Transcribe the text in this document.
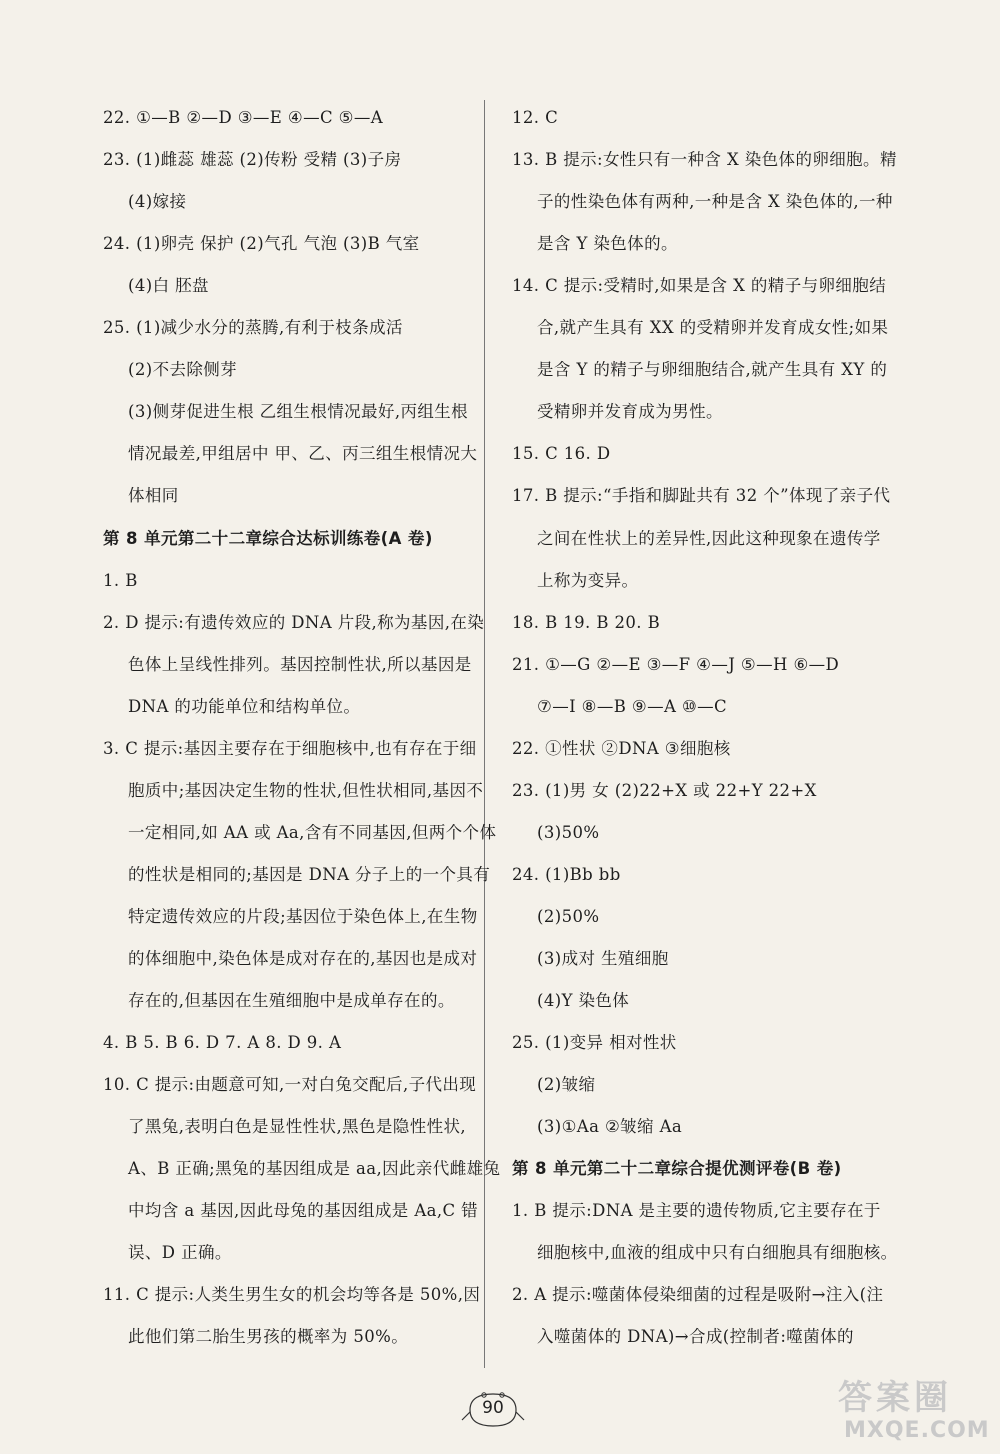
22. ①—B ②—D ③—E ④—C ⑤—A
23. (1)雌蕊 雄蕊 (2)传粉 受精 (3)子房
(4)嫁接
24. (1)卵壳 保护 (2)气孔 气泡 (3)B 气室
(4)白 胚盘
25. (1)减少水分的蒸腾,有利于枝条成活
(2)不去除侧芽
(3)侧芽促进生根 乙组生根情况最好,丙组生根
情况最差,甲组居中 甲、乙、丙三组生根情况大
体相同
第 8 单元第二十二章综合达标训练卷(A 卷)
1. B
2. D 提示:有遗传效应的 DNA 片段,称为基因,在染
色体上呈线性排列。基因控制性状,所以基因是
DNA 的功能单位和结构单位。
3. C 提示:基因主要存在于细胞核中,也有存在于细
胞质中;基因决定生物的性状,但性状相同,基因不
一定相同,如 AA 或 Aa,含有不同基因,但两个个体
的性状是相同的;基因是 DNA 分子上的一个具有
特定遗传效应的片段;基因位于染色体上,在生物
的体细胞中,染色体是成对存在的,基因也是成对
存在的,但基因在生殖细胞中是成单存在的。
4. B 5. B 6. D 7. A 8. D 9. A
10. C 提示:由题意可知,一对白兔交配后,子代出现
了黑兔,表明白色是显性性状,黑色是隐性性状,
A、B 正确;黑兔的基因组成是 aa,因此亲代雌雄兔
中均含 a 基因,因此母兔的基因组成是 Aa,C 错
误、D 正确。
11. C 提示:人类生男生女的机会均等各是 50%,因
此他们第二胎生男孩的概率为 50%。
12. C
13. B 提示:女性只有一种含 X 染色体的卵细胞。精
子的性染色体有两种,一种是含 X 染色体的,一种
是含 Y 染色体的。
14. C 提示:受精时,如果是含 X 的精子与卵细胞结
合,就产生具有 XX 的受精卵并发育成女性;如果
是含 Y 的精子与卵细胞结合,就产生具有 XY 的
受精卵并发育成为男性。
15. C 16. D
17. B 提示:“手指和脚趾共有 32 个”体现了亲子代
之间在性状上的差异性,因此这种现象在遗传学
上称为变异。
18. B 19. B 20. B
21. ①—G ②—E ③—F ④—J ⑤—H ⑥—D
⑦—I ⑧—B ⑨—A ⑩—C
22. ①性状 ②DNA ③细胞核
23. (1)男 女 (2)22+X 或 22+Y 22+X
(3)50%
24. (1)Bb bb
(2)50%
(3)成对 生殖细胞
(4)Y 染色体
25. (1)变异 相对性状
(2)皱缩
(3)①Aa ②皱缩 Aa
第 8 单元第二十二章综合提优测评卷(B 卷)
1. B 提示:DNA 是主要的遗传物质,它主要存在于
细胞核中,血液的组成中只有白细胞具有细胞核。
2. A 提示:噬菌体侵染细菌的过程是吸附→注入(注
入噬菌体的 DNA)→合成(控制者:噬菌体的
90	答案圈
MXQE.COM
